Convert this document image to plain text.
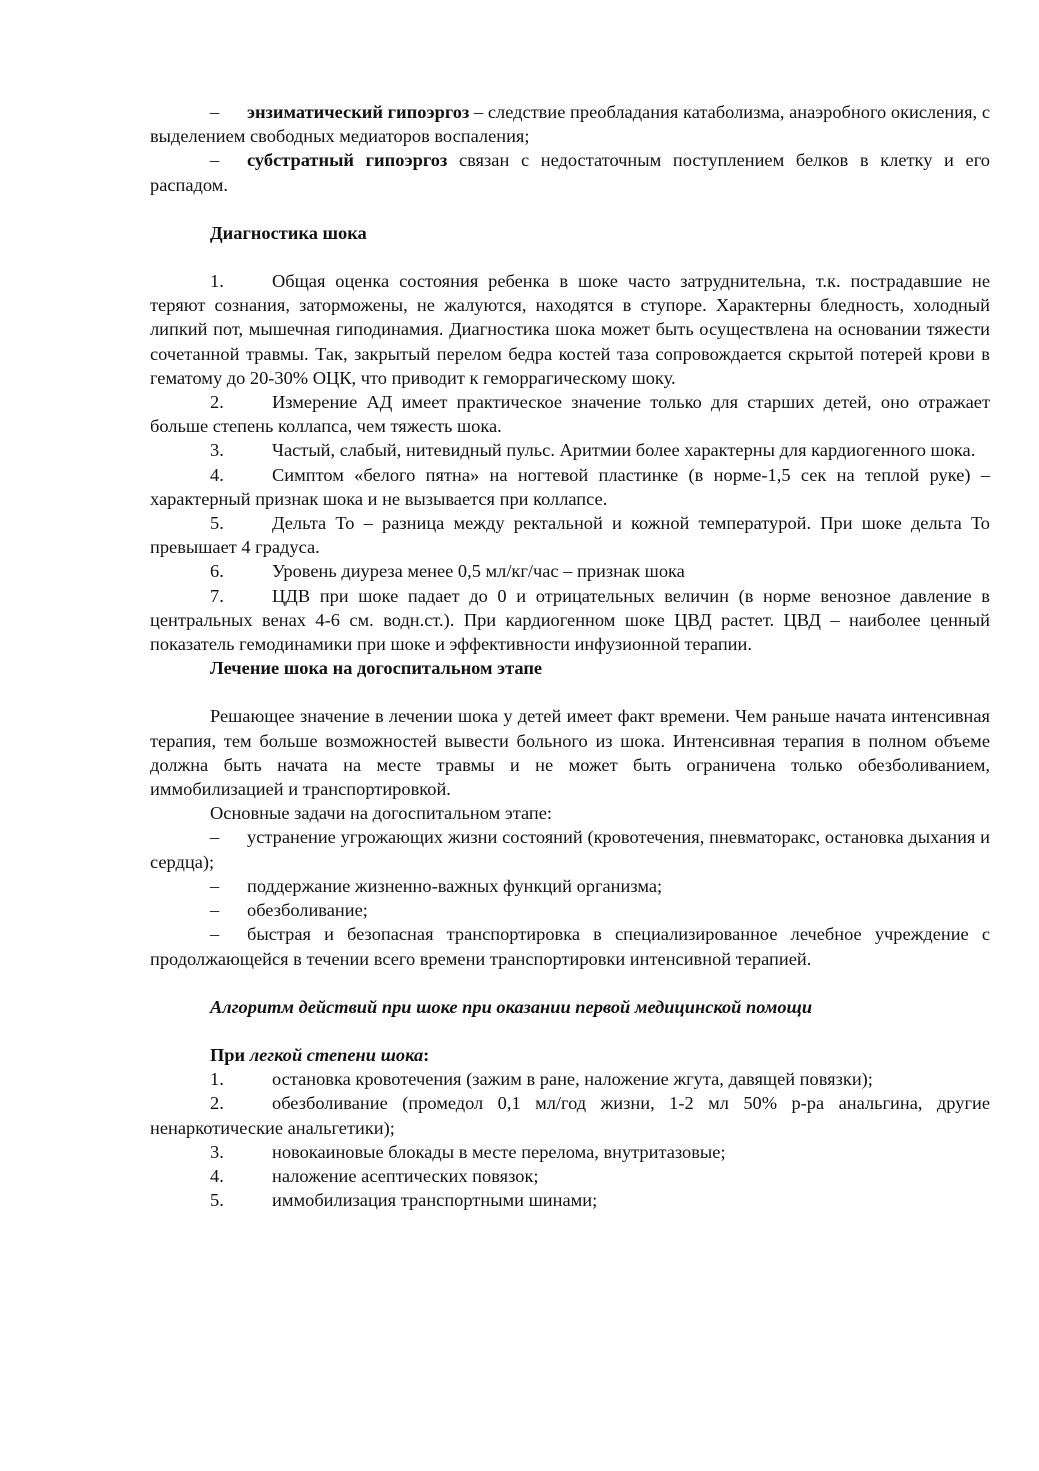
– энзиматический гипоэргоз – следствие преобладания катаболизма, анаэробного окисления, с выделением свободных медиаторов воспаления;

– субстратный гипоэргоз связан с недостаточным поступлением белков в клетку и его распадом.

Диагностика шока

1.	Общая оценка состояния ребенка в шоке часто затруднительна, т.к. пострадавшие не теряют сознания, заторможены, не жалуются, находятся в ступоре. Характерны бледность, холодный липкий пот, мышечная гиподинамия. Диагностика шока может быть осуществлена на основании тяжести сочетанной травмы. Так, закрытый перелом бедра костей таза сопровождается скрытой потерей крови в гематому до 20-30% ОЦК, что приводит к геморрагическому шоку.

2.	Измерение АД имеет практическое значение только для старших детей, оно отражает больше степень коллапса, чем тяжесть шока.

3.	Частый, слабый, нитевидный пульс. Аритмии более характерны для кардиогенного шока.

4.	Симптом «белого пятна» на ногтевой пластинке (в норме-1,5 сек на теплой руке) – характерный признак шока и не вызывается при коллапсе.

5.	Дельта То – разница между ректальной и кожной температурой. При шоке дельта То превышает 4 градуса.

6.	Уровень диуреза менее 0,5 мл/кг/час – признак шока

7.	ЦДВ при шоке падает до 0 и отрицательных величин (в норме венозное давление в центральных венах 4-6 см. водн.ст.). При кардиогенном шоке ЦВД растет. ЦВД – наиболее ценный показатель гемодинамики при шоке и эффективности инфузионной терапии.

Лечение шока на догоспитальном этапе

Решающее значение в лечении шока у детей имеет факт времени. Чем раньше начата интенсивная терапия, тем больше возможностей вывести больного из шока. Интенсивная терапия в полном объеме должна быть начата на месте травмы и не может быть ограничена только обезболиванием, иммобилизацией и транспортировкой.

Основные задачи на догоспитальном этапе:

– устранение угрожающих жизни состояний (кровотечения, пневматоракс, остановка дыхания и сердца);

– поддержание жизненно-важных функций организма;

– обезболивание;

– быстрая и безопасная транспортировка в специализированное лечебное учреждение с продолжающейся в течении всего времени транспортировки интенсивной терапией.

Алгоритм действий при шоке при оказании первой медицинской помощи

При легкой степени шока:

1.	остановка кровотечения (зажим в ране, наложение жгута, давящей повязки);

2.	обезболивание (промедол 0,1 мл/год жизни, 1-2 мл 50% р-ра анальгина, другие ненаркотические анальгетики);

3.	новокаиновые блокады в месте перелома, внутритазовые;

4.	наложение асептических повязок;

5.	иммобилизация транспортными шинами;
